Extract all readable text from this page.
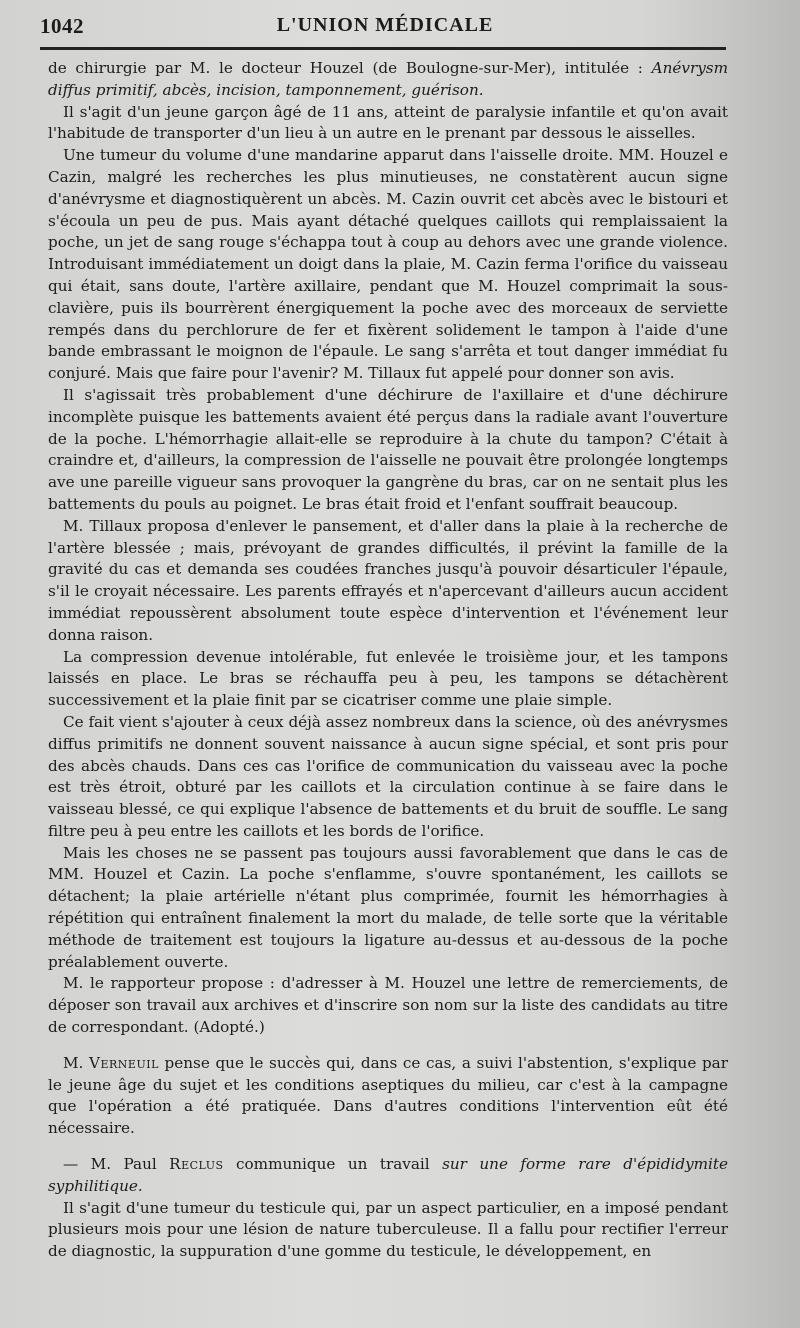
1042	L'UNION MÉDICALE

de chirurgie par M. le docteur Houzel (de Boulogne-sur-Mer), intitulée : Anévrysm diffus primitif, abcès, incision, tamponnement, guérison.

Il s'agit d'un jeune garçon âgé de 11 ans, atteint de paralysie infantile et qu'on avait l'habitude de transporter d'un lieu à un autre en le prenant par dessous le aisselles.

Une tumeur du volume d'une mandarine apparut dans l'aisselle droite. MM. Houzel e Cazin, malgré les recherches les plus minutieuses, ne constatèrent aucun signe d'anévrysme et diagnostiquèrent un abcès. M. Cazin ouvrit cet abcès avec le bistouri et s'écoula un peu de pus. Mais ayant détaché quelques caillots qui remplaissaient la poche, un jet de sang rouge s'échappa tout à coup au dehors avec une grande violence. Introduisant immédiatement un doigt dans la plaie, M. Cazin ferma l'orifice du vaisseau qui était, sans doute, l'artère axillaire, pendant que M. Houzel comprimait la sous-clavière, puis ils bourrèrent énergiquement la poche avec des morceaux de serviette rempés dans du perchlorure de fer et fixèrent solidement le tampon à l'aide d'une bande embrassant le moignon de l'épaule. Le sang s'arrêta et tout danger immédiat fu conjuré. Mais que faire pour l'avenir? M. Tillaux fut appelé pour donner son avis.

Il s'agissait très probablement d'une déchirure de l'axillaire et d'une déchirure incomplète puisque les battements avaient été perçus dans la radiale avant l'ouverture de la poche. L'hémorrhagie allait-elle se reproduire à la chute du tampon? C'était à craindre et, d'ailleurs, la compression de l'aisselle ne pouvait être prolongée longtemps ave une pareille vigueur sans provoquer la gangrène du bras, car on ne sentait plus les battements du pouls au poignet. Le bras était froid et l'enfant souffrait beaucoup.

M. Tillaux proposa d'enlever le pansement, et d'aller dans la plaie à la recherche de l'artère blessée ; mais, prévoyant de grandes difficultés, il prévint la famille de la gravité du cas et demanda ses coudées franches jusqu'à pouvoir désarticuler l'épaule, s'il le croyait nécessaire. Les parents effrayés et n'apercevant d'ailleurs aucun accident immédiat repoussèrent absolument toute espèce d'intervention et l'événement leur donna raison.

La compression devenue intolérable, fut enlevée le troisième jour, et les tampons laissés en place. Le bras se réchauffa peu à peu, les tampons se détachèrent successivement et la plaie finit par se cicatriser comme une plaie simple.

Ce fait vient s'ajouter à ceux déjà assez nombreux dans la science, où des anévrysmes diffus primitifs ne donnent souvent naissance à aucun signe spécial, et sont pris pour des abcès chauds. Dans ces cas l'orifice de communication du vaisseau avec la poche est très étroit, obturé par les caillots et la circulation continue à se faire dans le vaisseau blessé, ce qui explique l'absence de battements et du bruit de souffle. Le sang filtre peu à peu entre les caillots et les bords de l'orifice.

Mais les choses ne se passent pas toujours aussi favorablement que dans le cas de MM. Houzel et Cazin. La poche s'enflamme, s'ouvre spontanément, les caillots se détachent; la plaie artérielle n'étant plus comprimée, fournit les hémorrhagies à répétition qui entraînent finalement la mort du malade, de telle sorte que la véritable méthode de traitement est toujours la ligature au-dessus et au-dessous de la poche préalablement ouverte.

M. le rapporteur propose : d'adresser à M. Houzel une lettre de remerciements, de déposer son travail aux archives et d'inscrire son nom sur la liste des candidats au titre de correspondant. (Adopté.)

M. Verneuil pense que le succès qui, dans ce cas, a suivi l'abstention, s'explique par le jeune âge du sujet et les conditions aseptiques du milieu, car c'est à la campagne que l'opération a été pratiquée. Dans d'autres conditions l'intervention eût été nécessaire.

— M. Paul Reclus communique un travail sur une forme rare d'épididymite syphilitique.

Il s'agit d'une tumeur du testicule qui, par un aspect particulier, en a imposé pendant plusieurs mois pour une lésion de nature tuberculeuse. Il a fallu pour rectifier l'erreur de diagnostic, la suppuration d'une gomme du testicule, le développement, en
